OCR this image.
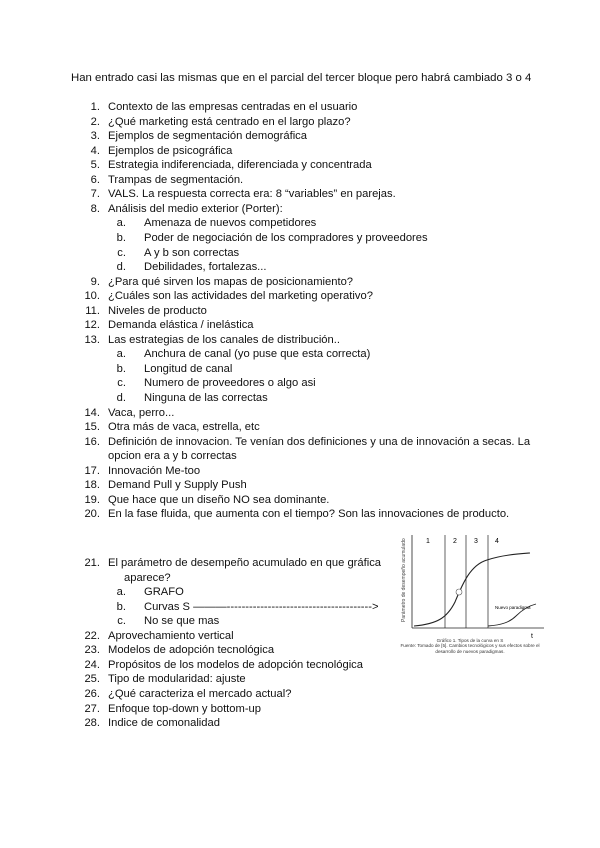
Han entrado casi las mismas que en el parcial del tercer bloque pero habrá cambiado 3 o 4
1. Contexto de las empresas centradas en el usuario
2. ¿Qué marketing está centrado en el largo plazo?
3. Ejemplos de segmentación demográfica
4. Ejemplos de psicográfica
5. Estrategia indiferenciada, diferenciada y concentrada
6. Trampas de segmentación.
7. VALS. La respuesta correcta era: 8 “variables” en parejas.
8. Análisis del medio exterior (Porter):
a. Amenaza de nuevos competidores
b. Poder de negociación de los compradores y proveedores
c. A y b son correctas
d. Debilidades, fortalezas...
9. ¿Para qué sirven los mapas de posicionamiento?
10. ¿Cuáles son las actividades del marketing operativo?
11. Niveles de producto
12. Demanda elástica / inelástica
13. Las estrategias de los canales de distribución..
a. Anchura de canal (yo puse que esta correcta)
b. Longitud de canal
c. Numero de proveedores o algo asi
d. Ninguna de las correctas
14. Vaca, perro...
15. Otra más de vaca, estrella, etc
16. Definición de innovacion. Te venían dos definiciones y una de innovación a secas. La
opcion era a y b correctas
17. Innovación Me-too
18. Demand Pull y Supply Push
19. Que hace que un diseño NO sea dominante.
20. En la fase fluida, que aumenta con el tiempo? Son las innovaciones de producto.
21. El parámetro de desempeño acumulado en que gráfica
aparece?
a. GRAFO
b. Curvas S ———--------------------------------------->
c. No se que mas
22. Aprovechamiento vertical
23. Modelos de adopción tecnológica
24. Propósitos de los modelos de adopción tecnológica
25. Tipo de modularidad: ajuste
26. ¿Qué caracteriza el mercado actual?
27. Enfoque top-down y bottom-up
28. Indice de comonalidad
1	2 3 4
Nuevo paradigma
t
Parámetro de desempeño acumulado
Gráfico 1. Tipos de la curva en S
Fuente: Tomado de [5]. Cambios tecnológicos y sus efectos sobre el desarrollo de nuevos paradigmas.
